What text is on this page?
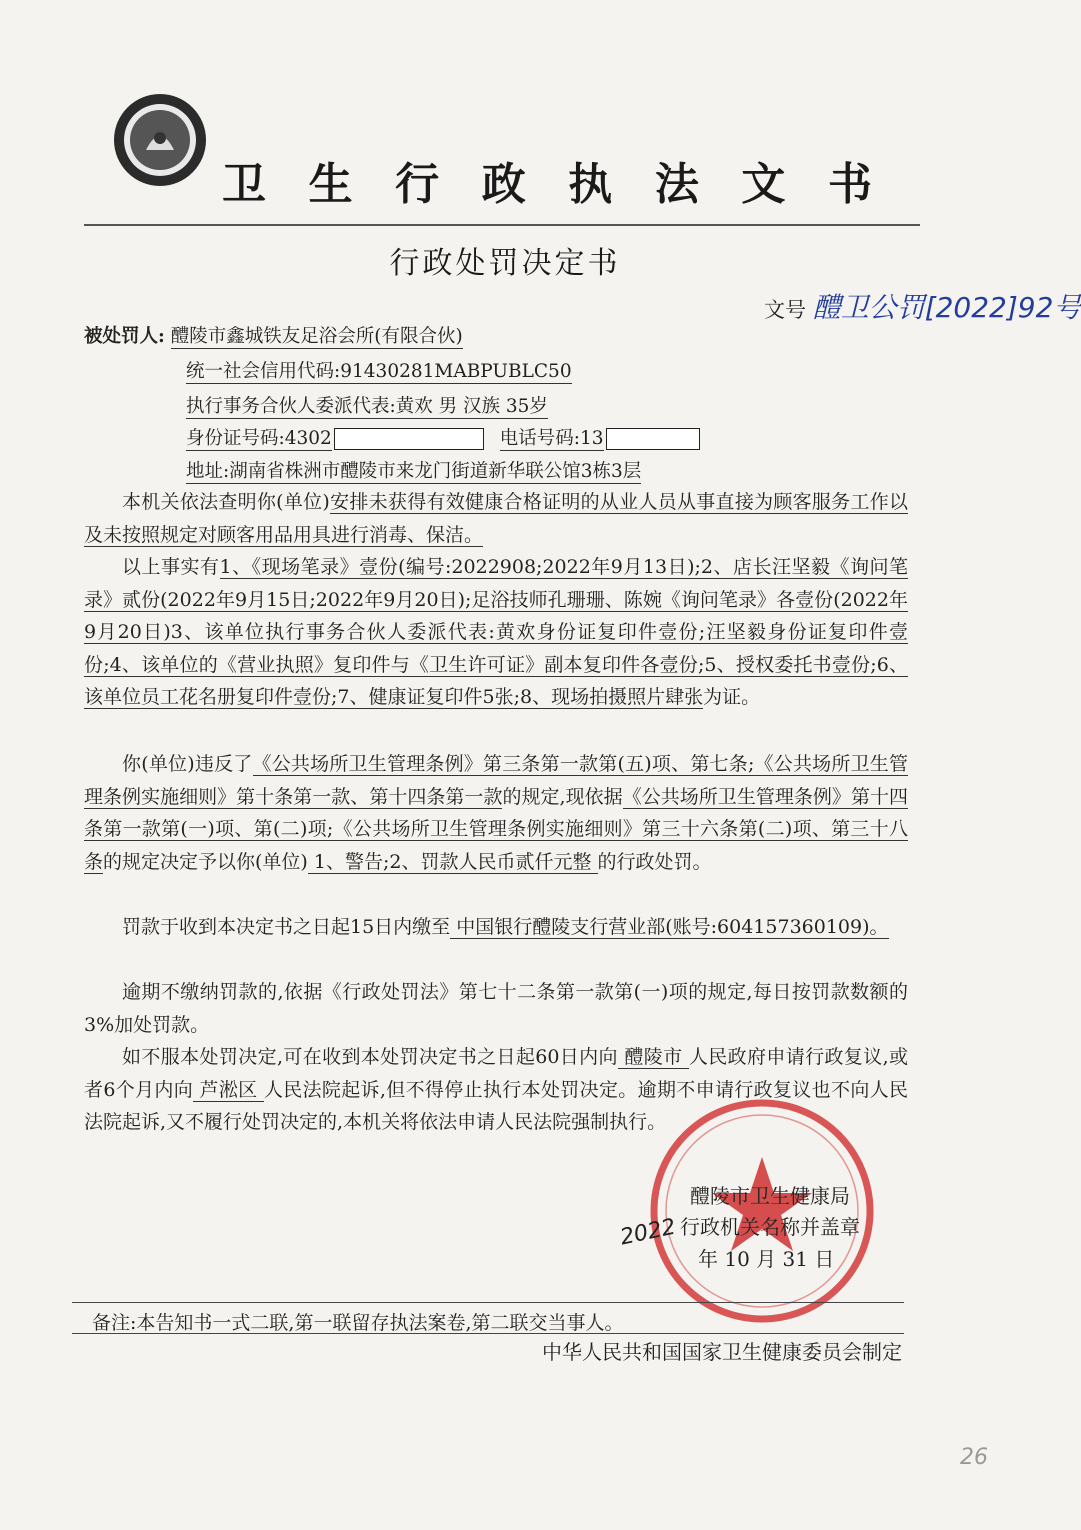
卫 生 行 政 执 法 文 书
行政处罚决定书
文号 醴卫公罚[2022]92号
被处罚人: 醴陵市鑫城铁友足浴会所(有限合伙)
统一社会信用代码:91430281MABPUBLC50
执行事务合伙人委派代表:黄欢 男 汉族 35岁
身份证号码:4302	电话号码:13
地址:湖南省株洲市醴陵市来龙门街道新华联公馆3栋3层
本机关依法查明你(单位)安排未获得有效健康合格证明的从业人员从事直接为顾客服务工作以及未按照规定对顾客用品用具进行消毒、保洁。
以上事实有1、《现场笔录》壹份(编号:2022908;2022年9月13日);2、店长汪坚毅《询问笔录》贰份(2022年9月15日;2022年9月20日);足浴技师孔珊珊、陈婉《询问笔录》各壹份(2022年9月20日)3、该单位执行事务合伙人委派代表:黄欢身份证复印件壹份;汪坚毅身份证复印件壹份;4、该单位的《营业执照》复印件与《卫生许可证》副本复印件各壹份;5、授权委托书壹份;6、该单位员工花名册复印件壹份;7、健康证复印件5张;8、现场拍摄照片肆张为证。
你(单位)违反了《公共场所卫生管理条例》第三条第一款第(五)项、第七条;《公共场所卫生管理条例实施细则》第十条第一款、第十四条第一款的规定,现依据《公共场所卫生管理条例》第十四条第一款第(一)项、第(二)项;《公共场所卫生管理条例实施细则》第三十六条第(二)项、第三十八条的规定决定予以你(单位) 1、警告;2、罚款人民币贰仟元整 的行政处罚。
罚款于收到本决定书之日起15日内缴至 中国银行醴陵支行营业部(账号:604157360109)。
逾期不缴纳罚款的,依据《行政处罚法》第七十二条第一款第(一)项的规定,每日按罚款数额的3%加处罚款。
如不服本处罚决定,可在收到本处罚决定书之日起60日内向 醴陵市 人民政府申请行政复议,或者6个月内向 芦淞区 人民法院起诉,但不得停止执行本处罚决定。逾期不申请行政复议也不向人民法院起诉,又不履行处罚决定的,本机关将依法申请人民法院强制执行。
醴陵市卫生健康局
行政机关名称并盖章
2022
年 10 月 31 日
备注:本告知书一式二联,第一联留存执法案卷,第二联交当事人。
中华人民共和国国家卫生健康委员会制定
26
